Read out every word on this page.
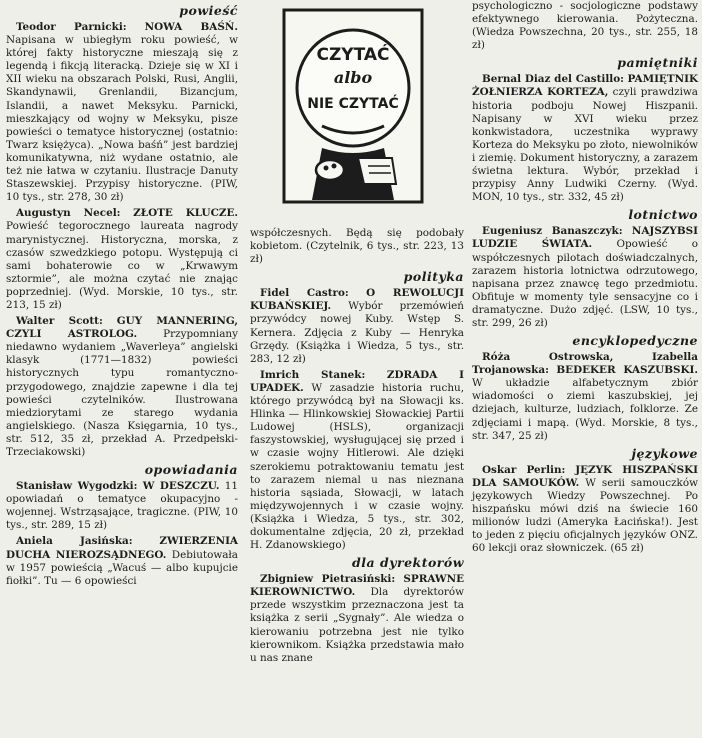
powieść

Teodor Parnicki: NOWA BAŚŃ. Napisana w ubiegłym roku powieść, w której fakty historyczne mieszają się z legendą i fikcją literacką. Dzieje się w XI i XII wieku na obszarach Polski, Rusi, Anglii, Skandynawii, Grenlandii, Bizancjum, Islandii, a nawet Meksyku. Parnicki, mieszkający od wojny w Meksyku, pisze powieści o tematyce historycznej (ostatnio: Twarz księżyca). „Nowa baśń” jest bardziej komunikatywna, niż wydane ostatnio, ale też nie łatwa w czytaniu. Ilustracje Danuty Staszewskiej. Przypisy historyczne. (PIW, 10 tys., str. 278, 30 zł)

Augustyn Necel: ZŁOTE KLUCZE. Powieść tegorocznego laureata nagrody marynistycznej. Historyczna, morska, z czasów szwedzkiego potopu. Występują ci sami bohaterowie co w „Krwawym sztormie”, ale można czytać nie znając poprzedniej. (Wyd. Morskie, 10 tys., str. 213, 15 zł)

Walter Scott: GUY MANNERING, CZYLI ASTROLOG. Przypomniany niedawno wydaniem „Waverleya” angielski klasyk (1771—1832) powieści historycznych typu romantyczno-przygodowego, znajdzie zapewne i dla tej powieści czytelników. Ilustrowana miedziorytami ze starego wydania angielskiego. (Nasza Księgarnia, 10 tys., str. 512, 35 zł, przekład A. Przedpełski-Trzeciakowski)

opowiadania

Stanisław Wygodzki: W DESZCZU. 11 opowiadań o tematyce okupacyjno - wojennej. Wstrząsające, tragiczne. (PIW, 10 tys., str. 289, 15 zł)

Aniela Jasińska:	ZWIERZENIA DUCHA NIEROZSĄDNEGO. Debiutowała w 1957 powieścią „Wacuś — albo kupujcie fiołki”. Tu — 6 opowieści

CZYTAĆ
albo
NIE CZYTAĆ

współczesnych. Będą się podobały kobietom. (Czytelnik, 6 tys., str. 223, 13 zł)

polityka

Fidel Castro: O REWOLUCJI KUBAŃSKIEJ. Wybór przemówień przywódcy nowej Kuby. Wstęp S. Kernera. Zdjęcia z Kuby — Henryka Grzędy. (Książka i Wiedza, 5 tys., str. 283, 12 zł)

Imrich Stanek: ZDRADA I UPADEK. W zasadzie historia ruchu, którego przywódcą był na Słowacji ks. Hlinka — Hlinkowskiej Słowackiej Partii Ludowej (HSLS), organizacji faszystowskiej, wysługującej się przed i w czasie wojny Hitlerowi. Ale dzięki szerokiemu potraktowaniu tematu jest to zarazem niemal u nas nieznana historia sąsiada, Słowacji, w latach międzywojennych i w czasie wojny. (Książka i Wiedza, 5 tys., str. 302, dokumentalne zdjęcia, 20 zł, przekład H. Zdanowskiego)

dla dyrektorów

Zbigniew Pietrasiński: SPRAWNE KIEROWNICTWO. Dla dyrektorów przede wszystkim przeznaczona jest ta książka z serii „Sygnały”. Ale wiedza o kierowaniu potrzebna jest nie tylko kierownikom. Książka przedstawia mało u nas znane

psychologiczno - socjologiczne podstawy efektywnego kierowania. Pożyteczna. (Wiedza Powszechna, 20 tys., str. 255, 18 zł)

pamiętniki

Bernal Diaz del Castillo: PAMIĘTNIK ŻOŁNIERZA KORTEZA, czyli prawdziwa historia podboju Nowej Hiszpanii. Napisany w XVI wieku przez konkwistadora, uczestnika wyprawy Korteza do Meksyku po złoto, niewolników i ziemię. Dokument historyczny, a zarazem świetna lektura. Wybór, przekład i przypisy Anny Ludwiki Czerny. (Wyd. MON, 10 tys., str. 332, 45 zł)

lotnictwo

Eugeniusz Banaszczyk: NAJSZYBSI LUDZIE ŚWIATA. Opowieść o współczesnych pilotach doświadczalnych, zarazem historia lotnictwa odrzutowego, napisana przez znawcę tego przedmiotu. Obfituje w momenty tyle sensacyjne co i dramatyczne. Dużo zdjęć. (LSW, 10 tys., str. 299, 26 zł)

encyklopedyczne

Róża Ostrowska, Izabella Trojanowska: BEDEKER KASZUBSKI. W układzie alfabetycznym zbiór wiadomości o ziemi kaszubskiej, jej dziejach, kulturze, ludziach, folklorze. Ze zdjęciami i mapą. (Wyd. Morskie, 8 tys., str. 347, 25 zł)

językowe

Oskar Perlin: JĘZYK HISZPAŃSKI DLA SAMOUKÓW. W serii samouczków językowych Wiedzy Powszechnej. Po hiszpańsku mówi dziś na świecie 160 milionów ludzi (Ameryka Łacińska!). Jest to jeden z pięciu oficjalnych języków ONZ. 60 lekcji oraz słowniczek. (65 zł)
